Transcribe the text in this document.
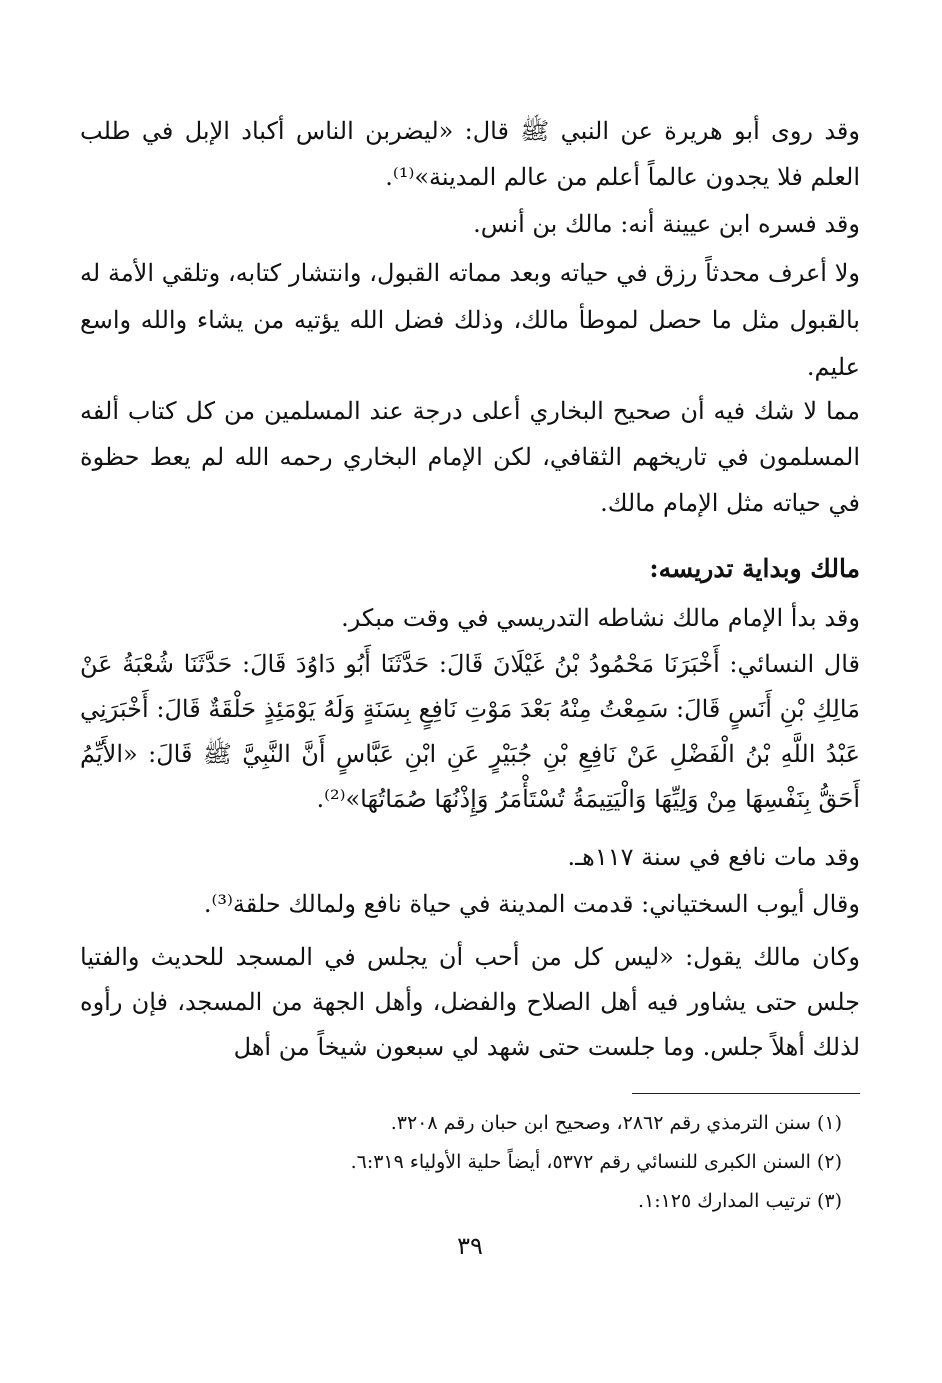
وقد روى أبو هريرة عن النبي ﷺ قال: «ليضربن الناس أكباد الإبل في طلب العلم فلا يجدون عالماً أعلم من عالم المدينة»⁽¹⁾.

وقد فسره ابن عيينة أنه: مالك بن أنس.

ولا أعرف محدثاً رزق في حياته وبعد مماته القبول، وانتشار كتابه، وتلقي الأمة له بالقبول مثل ما حصل لموطأ مالك، وذلك فضل الله يؤتيه من يشاء والله واسع عليم.

مما لا شك فيه أن صحيح البخاري أعلى درجة عند المسلمين من كل كتاب ألفه المسلمون في تاريخهم الثقافي، لكن الإمام البخاري رحمه الله لم يعط حظوة في حياته مثل الإمام مالك.

مالك وبداية تدريسه:

وقد بدأ الإمام مالك نشاطه التدريسي في وقت مبكر.

قال النسائي: أَخْبَرَنَا مَحْمُودُ بْنُ غَيْلَانَ قَالَ: حَدَّثَنَا أَبُو دَاوُدَ قَالَ: حَدَّثَنَا شُعْبَةُ عَنْ مَالِكِ بْنِ أَنَسٍ قَالَ: سَمِعْتُ مِنْهُ بَعْدَ مَوْتِ نَافِعٍ بِسَنَةٍ وَلَهُ يَوْمَئِذٍ حَلْقَةٌ قَالَ: أَخْبَرَنِي عَبْدُ اللَّهِ بْنُ الْفَضْلِ عَنْ نَافِعِ بْنِ جُبَيْرٍ عَنِ ابْنِ عَبَّاسٍ أَنَّ النَّبِيَّ ﷺ قَالَ: «الأَيِّمُ أَحَقُّ بِنَفْسِهَا مِنْ وَلِيِّهَا وَالْيَتِيمَةُ تُسْتَأْمَرُ وَإِذْنُهَا صُمَاتُهَا»⁽²⁾.

وقد مات نافع في سنة ١١٧هـ.

وقال أيوب السختياني: قدمت المدينة في حياة نافع ولمالك حلقة⁽³⁾.

وكان مالك يقول: «ليس كل من أحب أن يجلس في المسجد للحديث والفتيا جلس حتى يشاور فيه أهل الصلاح والفضل، وأهل الجهة من المسجد، فإن رأوه لذلك أهلاً جلس. وما جلست حتى شهد لي سبعون شيخاً من أهل

(١) سنن الترمذي رقم ٢٨٦٢، وصحيح ابن حبان رقم ٣٢٠٨.

(٢) السنن الكبرى للنسائي رقم ٥٣٧٢، أيضاً حلية الأولياء ٦:٣١٩.

(٣) ترتيب المدارك ١:١٢٥.

٣٩
